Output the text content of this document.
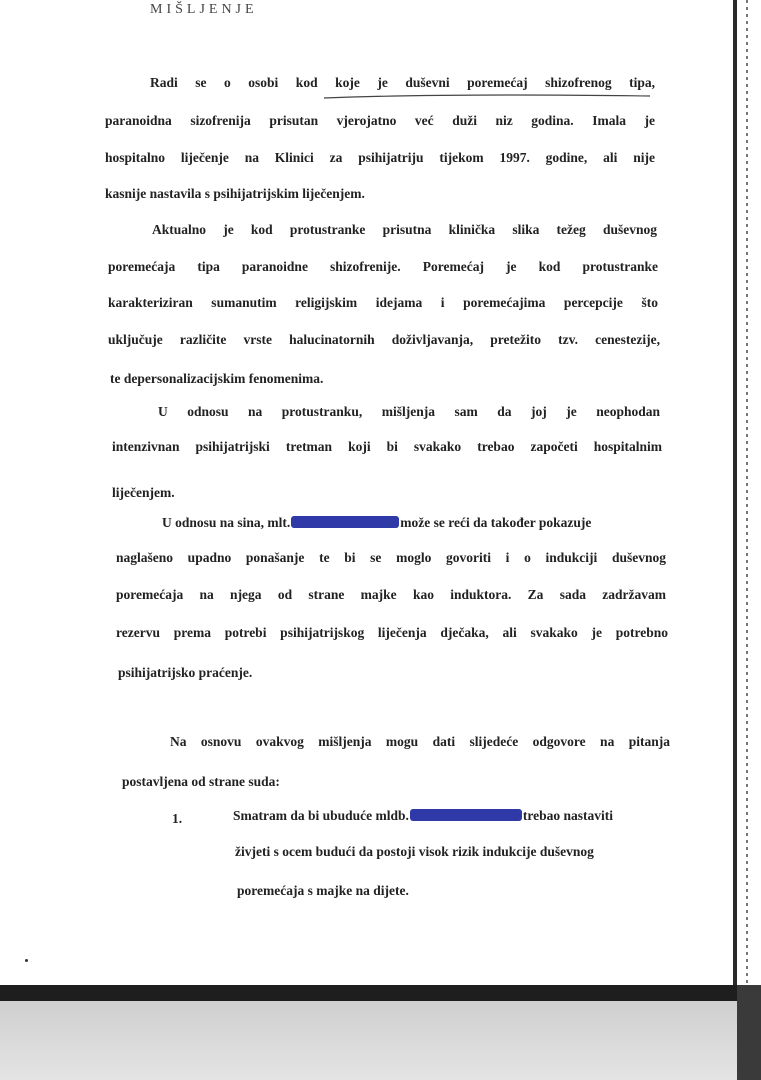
MIŠLJENJE
Radi se o osobi kod koje je duševni poremećaj shizofrenog tipa,
paranoidna sizofrenija prisutan vjerojatno već duži niz godina. Imala je
hospitalno liječenje na Klinici za psihijatriju tijekom 1997. godine, ali nije
kasnije nastavila s psihijatrijskim liječenjem.
Aktualno je kod protustranke prisutna klinička slika težeg duševnog
poremećaja tipa paranoidne shizofrenije. Poremećaj je kod protustranke
karakteriziran sumanutim religijskim idejama i poremećajima percepcije što
uključuje različite vrste halucinatornih doživljavanja, pretežito tzv. cenestezije,
te depersonalizacijskim fenomenima.
U odnosu na protustranku, mišljenja sam da joj je neophodan
intenzivnan psihijatrijski tretman koji bi svakako trebao započeti hospitalnim
liječenjem.
U odnosu na sina, mlt.	može se reći da također pokazuje
naglašeno upadno ponašanje te bi se moglo govoriti i o indukciji duševnog
poremećaja na njega od strane majke kao induktora. Za sada zadržavam
rezervu prema potrebi psihijatrijskog liječenja dječaka, ali svakako je potrebno
psihijatrijsko praćenje.
Na osnovu ovakvog mišljenja mogu dati slijedeće odgovore na pitanja
postavljena od strane suda:
1.	Smatram da bi ubuduće mldb.	trebao nastaviti
živjeti s ocem budući da postoji visok rizik indukcije duševnog
poremećaja s majke na dijete.
